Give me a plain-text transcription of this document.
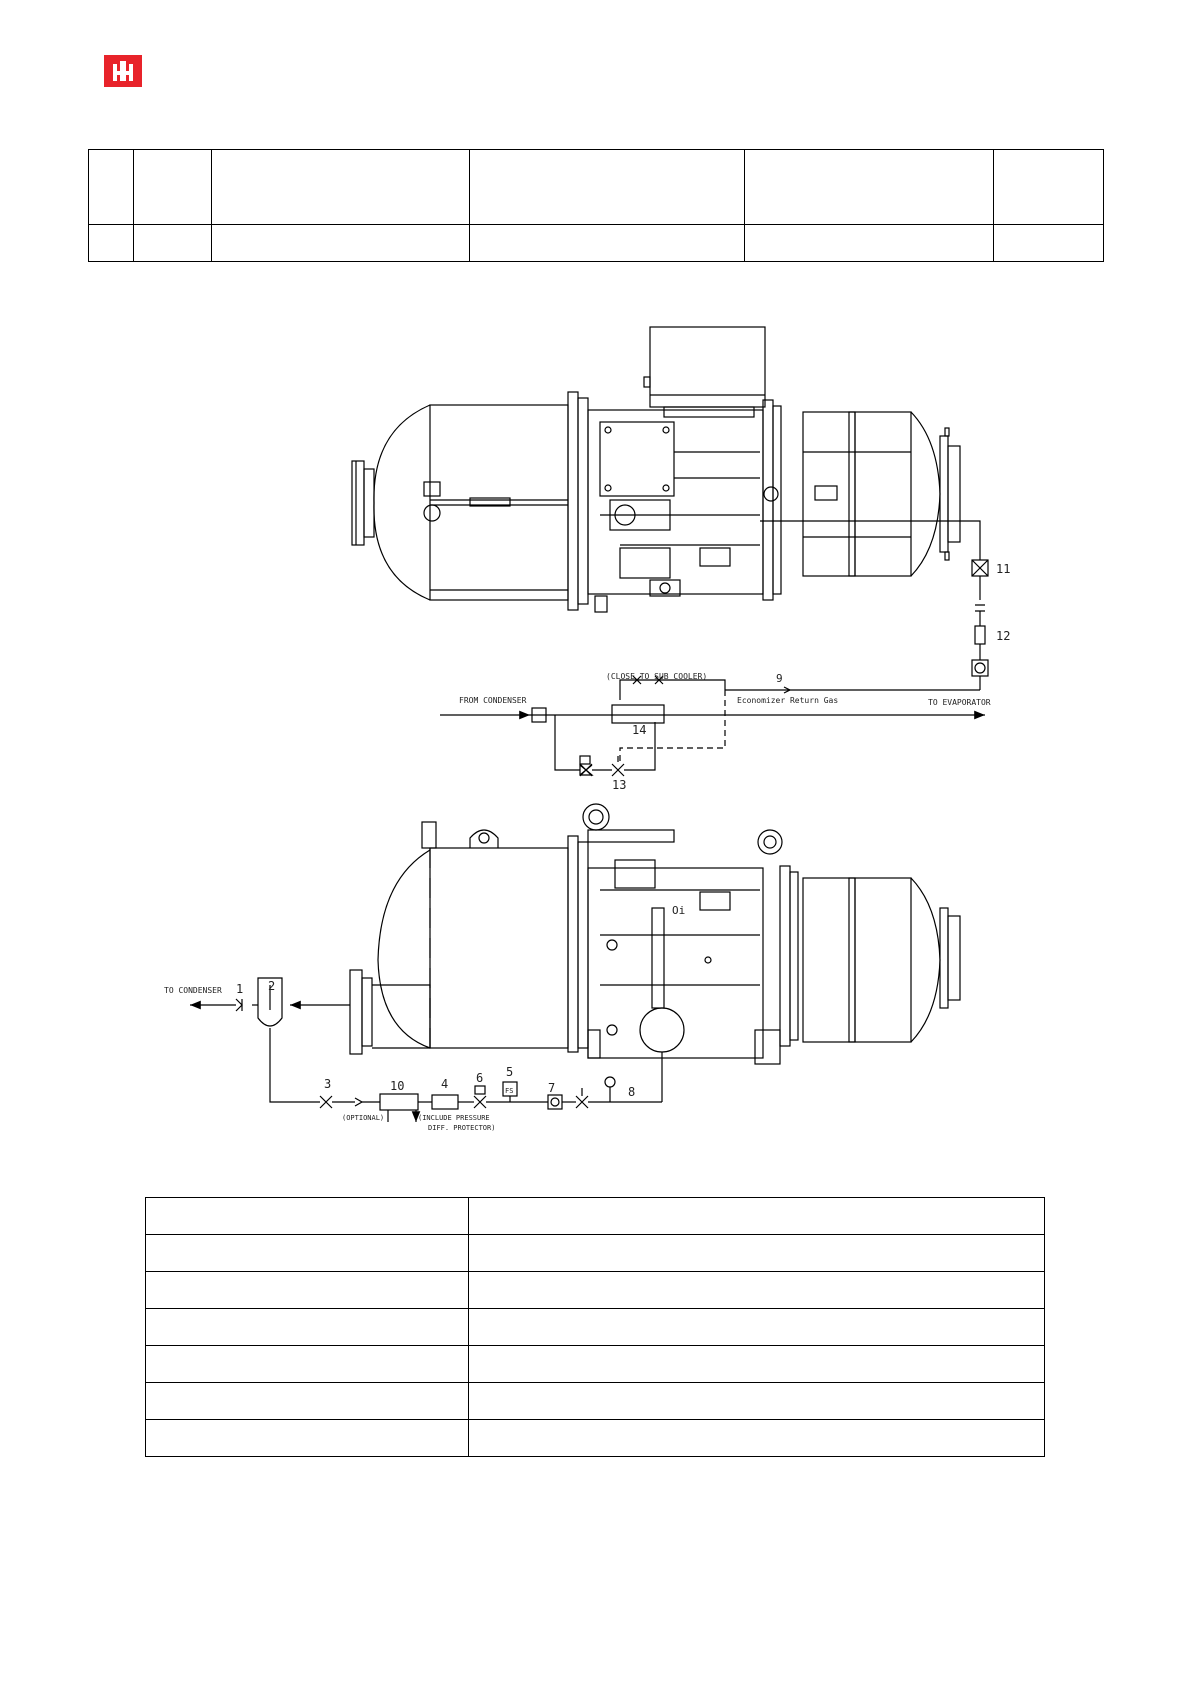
FROM CONDENSER
(CLOSE TO SUB COOLER)
Economizer Return Gas	TO EVAPORATOR
9
11
12
13
14
TO CONDENSER 1 2
3	4
5
6
7	8
10
(OPTIONAL)	(INCLUDE PRESSURE
DIFF. PROTECTOR)
FS
Oi
